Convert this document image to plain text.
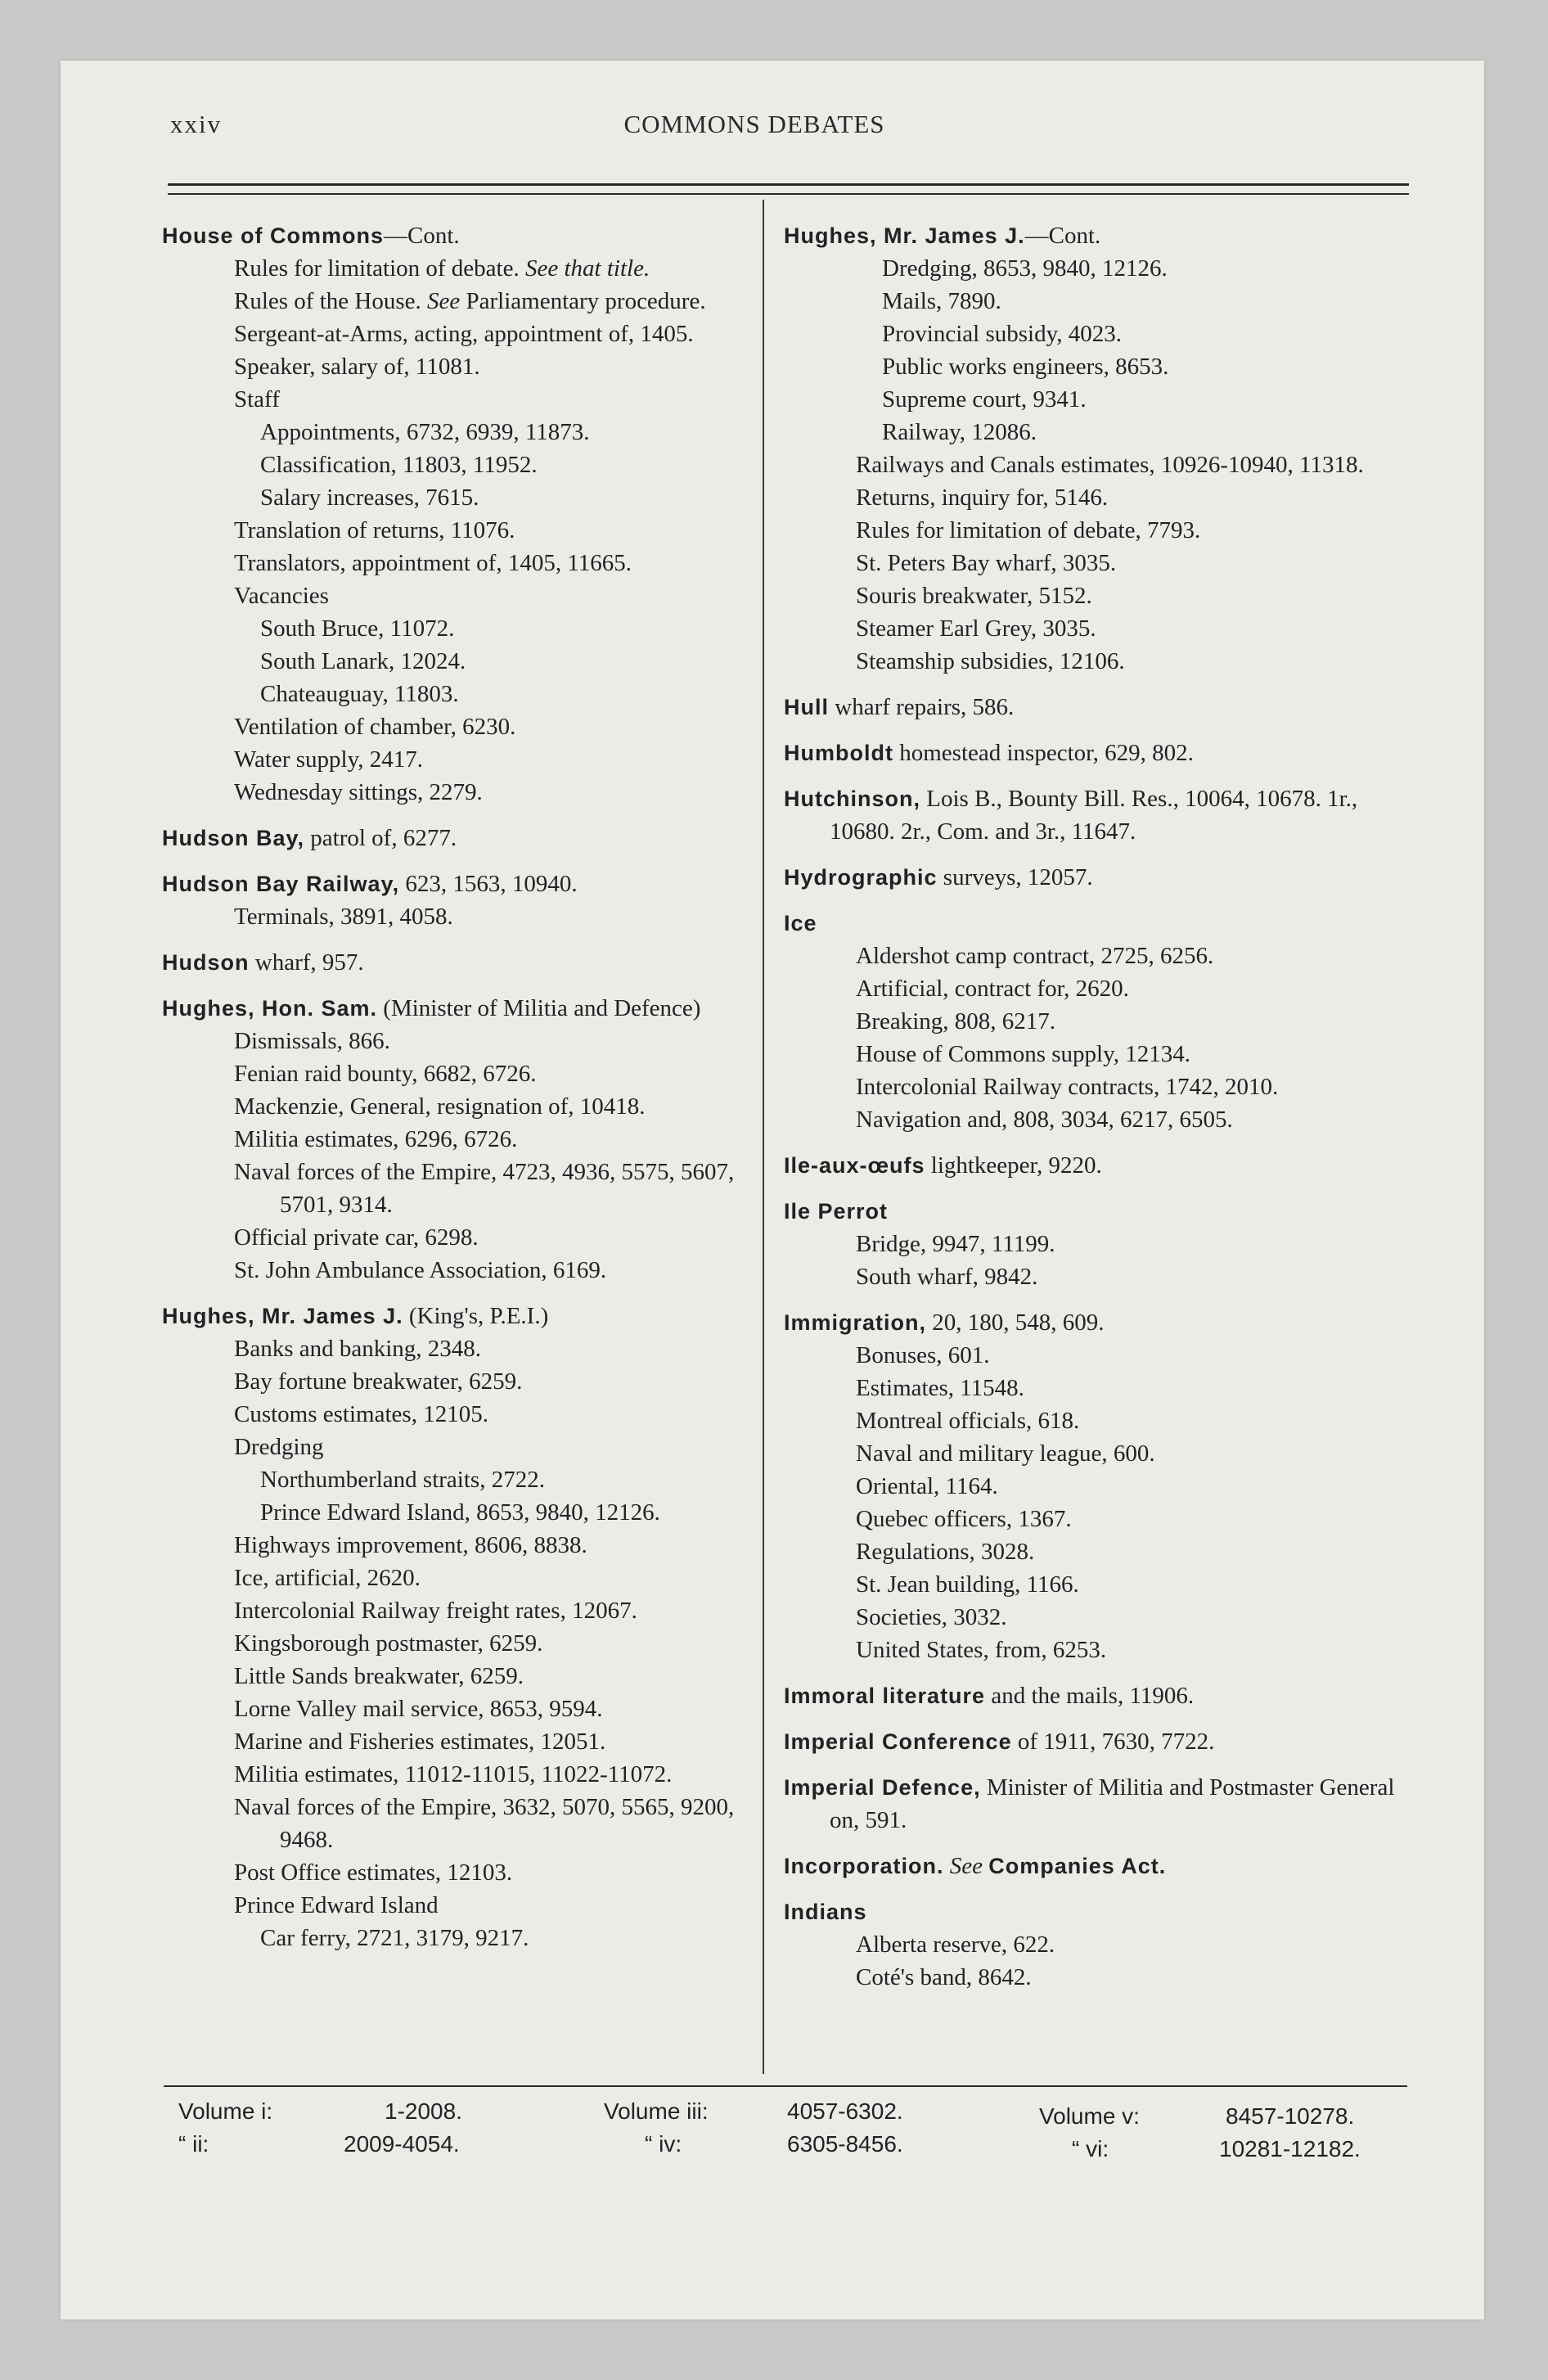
xxiv	COMMONS DEBATES
House of Commons—Cont.
Rules for limitation of debate. See that title.
Rules of the House. See Parliamentary procedure.
Sergeant-at-Arms, acting, appointment of, 1405.
Speaker, salary of, 11081.
Staff
Appointments, 6732, 6939, 11873.
Classification, 11803, 11952.
Salary increases, 7615.
Translation of returns, 11076.
Translators, appointment of, 1405, 11665.
Vacancies
South Bruce, 11072.
South Lanark, 12024.
Chateauguay, 11803.
Ventilation of chamber, 6230.
Water supply, 2417.
Wednesday sittings, 2279.
Hudson Bay, patrol of, 6277.
Hudson Bay Railway, 623, 1563, 10940.
Terminals, 3891, 4058.
Hudson wharf, 957.
Hughes, Hon. Sam. (Minister of Militia and Defence)
Dismissals, 866.
Fenian raid bounty, 6682, 6726.
Mackenzie, General, resignation of, 10418.
Militia estimates, 6296, 6726.
Naval forces of the Empire, 4723, 4936, 5575, 5607, 5701, 9314.
Official private car, 6298.
St. John Ambulance Association, 6169.
Hughes, Mr. James J. (King's, P.E.I.)
Banks and banking, 2348.
Bay fortune breakwater, 6259.
Customs estimates, 12105.
Dredging
Northumberland straits, 2722.
Prince Edward Island, 8653, 9840, 12126.
Highways improvement, 8606, 8838.
Ice, artificial, 2620.
Intercolonial Railway freight rates, 12067.
Kingsborough postmaster, 6259.
Little Sands breakwater, 6259.
Lorne Valley mail service, 8653, 9594.
Marine and Fisheries estimates, 12051.
Militia estimates, 11012-11015, 11022-11072.
Naval forces of the Empire, 3632, 5070, 5565, 9200, 9468.
Post Office estimates, 12103.
Prince Edward Island
Car ferry, 2721, 3179, 9217.
Hughes, Mr. James J.—Cont.
Dredging, 8653, 9840, 12126.
Mails, 7890.
Provincial subsidy, 4023.
Public works engineers, 8653.
Supreme court, 9341.
Railway, 12086.
Railways and Canals estimates, 10926-10940, 11318.
Returns, inquiry for, 5146.
Rules for limitation of debate, 7793.
St. Peters Bay wharf, 3035.
Souris breakwater, 5152.
Steamer Earl Grey, 3035.
Steamship subsidies, 12106.
Hull wharf repairs, 586.
Humboldt homestead inspector, 629, 802.
Hutchinson, Lois B., Bounty Bill. Res., 10064, 10678. 1r., 10680. 2r., Com. and 3r., 11647.
Hydrographic surveys, 12057.
Ice
Aldershot camp contract, 2725, 6256.
Artificial, contract for, 2620.
Breaking, 808, 6217.
House of Commons supply, 12134.
Intercolonial Railway contracts, 1742, 2010.
Navigation and, 808, 3034, 6217, 6505.
Ile-aux-œufs lightkeeper, 9220.
Ile Perrot
Bridge, 9947, 11199.
South wharf, 9842.
Immigration, 20, 180, 548, 609.
Bonuses, 601.
Estimates, 11548.
Montreal officials, 618.
Naval and military league, 600.
Oriental, 1164.
Quebec officers, 1367.
Regulations, 3028.
St. Jean building, 1166.
Societies, 3032.
United States, from, 6253.
Immoral literature and the mails, 11906.
Imperial Conference of 1911, 7630, 7722.
Imperial Defence, Minister of Militia and Postmaster General on, 591.
Incorporation. See Companies Act.
Indians
Alberta reserve, 622.
Coté's band, 8642.
Volume i:	1-2008.
“ ii:	2009-4054.
Volume iii:	4057-6302.
“ iv:	6305-8456.
Volume v:	8457-10278.
“ vi:	10281-12182.
